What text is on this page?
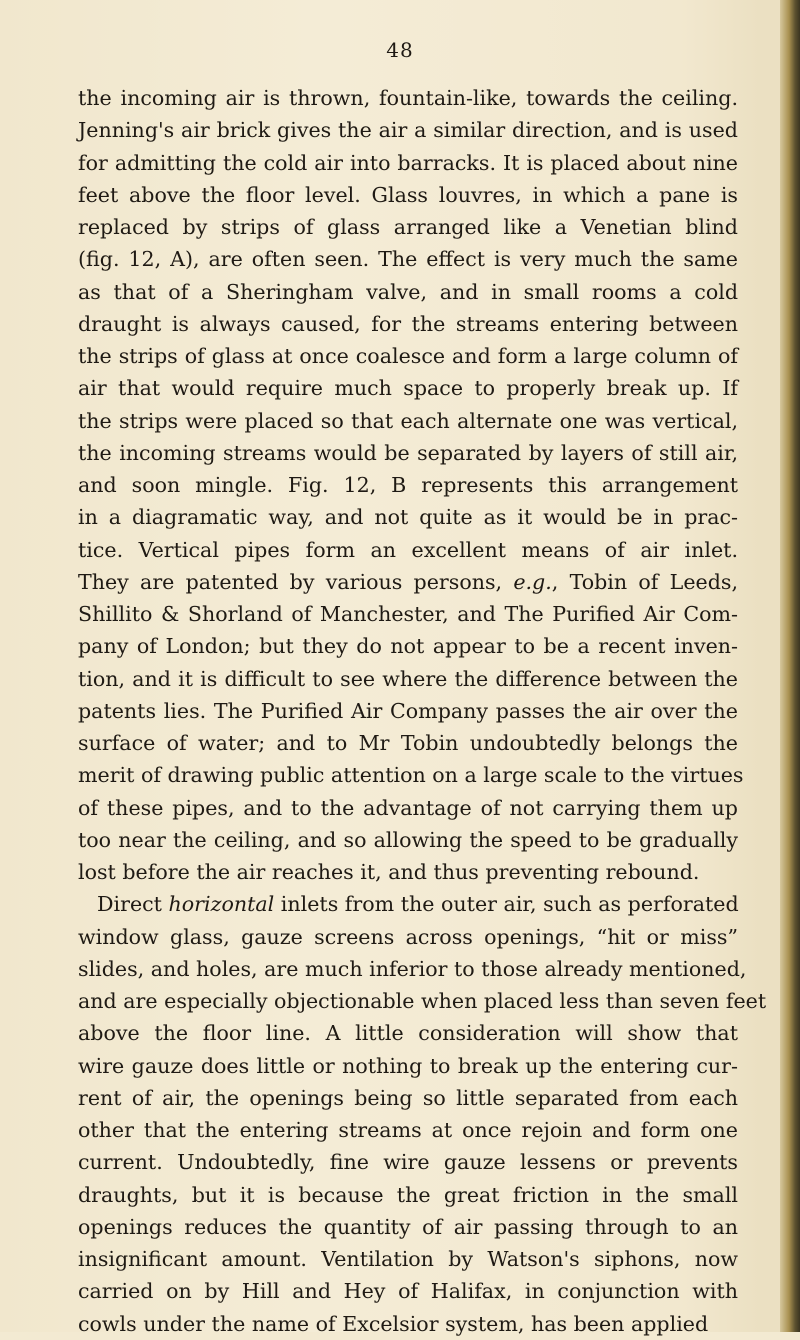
48
the incoming air is thrown, fountain-like, towards the ceiling.
Jenning's air brick gives the air a similar direction, and is used
for admitting the cold air into barracks. It is placed about nine
feet above the floor level. Glass louvres, in which a pane is
replaced by strips of glass arranged like a Venetian blind
(fig. 12, A), are often seen. The effect is very much the same
as that of a Sheringham valve, and in small rooms a cold
draught is always caused, for the streams entering between
the strips of glass at once coalesce and form a large column of
air that would require much space to properly break up. If
the strips were placed so that each alternate one was vertical,
the incoming streams would be separated by layers of still air,
and soon mingle. Fig. 12, B represents this arrangement
in a diagramatic way, and not quite as it would be in prac-
tice. Vertical pipes form an excellent means of air inlet.
They are patented by various persons, e.g., Tobin of Leeds,
Shillito & Shorland of Manchester, and The Purified Air Com-
pany of London; but they do not appear to be a recent inven-
tion, and it is difficult to see where the difference between the
patents lies. The Purified Air Company passes the air over the
surface of water; and to Mr Tobin undoubtedly belongs the
merit of drawing public attention on a large scale to the virtues
of these pipes, and to the advantage of not carrying them up
too near the ceiling, and so allowing the speed to be gradually
lost before the air reaches it, and thus preventing rebound.
Direct horizontal inlets from the outer air, such as perforated
window glass, gauze screens across openings, “hit or miss”
slides, and holes, are much inferior to those already mentioned,
and are especially objectionable when placed less than seven feet
above the floor line. A little consideration will show that
wire gauze does little or nothing to break up the entering cur-
rent of air, the openings being so little separated from each
other that the entering streams at once rejoin and form one
current. Undoubtedly, fine wire gauze lessens or prevents
draughts, but it is because the great friction in the small
openings reduces the quantity of air passing through to an
insignificant amount. Ventilation by Watson's siphons, now
carried on by Hill and Hey of Halifax, in conjunction with
cowls under the name of Excelsior system, has been applied
